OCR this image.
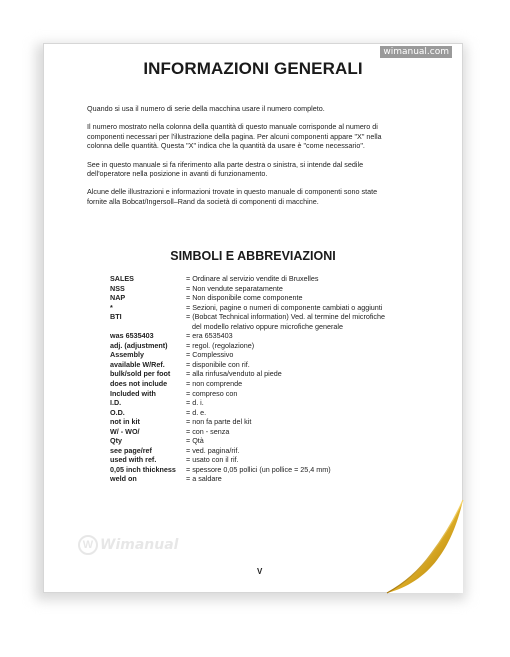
wimanual.com
INFORMAZIONI GENERALI

Quando si usa il numero di serie della macchina usare il numero completo.

Il numero mostrato nella colonna della quantità di questo manuale corrisponde al numero di componenti necessari per l'illustrazione della pagina. Per alcuni componenti appare "X" nella colonna delle quantità. Questa "X" indica che la quantità da usare è "come necessario".

See in questo manuale si fa riferimento alla parte destra o sinistra, si intende dal sedile dell'operatore nella posizione in avanti di funzionamento.

Alcune delle illustrazioni e informazioni trovate in questo manuale di componenti sono state fornite alla Bobcat/Ingersoll–Rand da società di componenti di macchine.

SIMBOLI E ABBREVIAZIONI
SALES	= Ordinare al servizio vendite di Bruxelles
NSS	= Non vendute separatamente
NAP	= Non disponibile come componente
*	= Sezioni, pagine o numeri di componente cambiati o aggiunti
BTI	= (Bobcat Technical information) Ved. al termine del microfiche
del modello relativo oppure microfiche generale
was 6535403	= era 6535403
adj. (adjustment)	= regol. (regolazione)
Assembly	= Complessivo
available W/Ref.	= disponibile con rif.
bulk/sold per foot	= alla rinfusa/venduto al piede
does not include	= non comprende
Included with	= compreso con
I.D.	= d. i.
O.D.	= d. e.
not in kit	= non fa parte del kit
W/ - WO/	= con - senza
Qty	= Qtà
see page/ref	= ved. pagina/rif.
used with ref.	= usato con il rif.
0,05 inch thickness	= spessore 0,05 pollici (un pollice = 25,4 mm)
weld on	= a saldare
W Wimanual
V
